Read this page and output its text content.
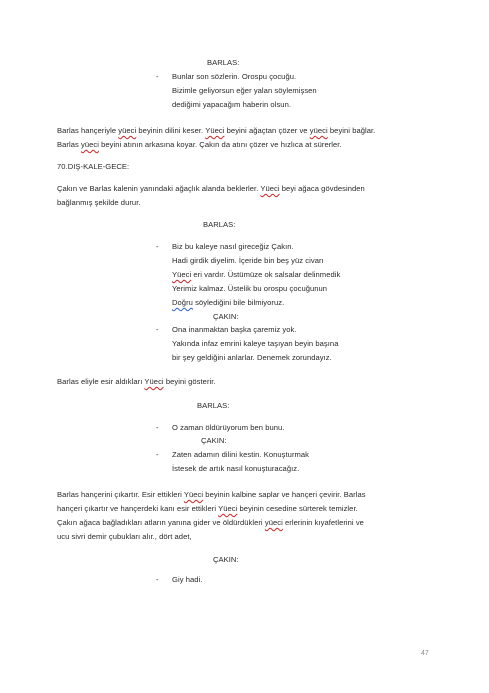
BARLAS:
- Bunlar son sözlerin. Orospu çocuğu.
Bizimle geliyorsun eğer yalan söylemişsen
dediğimi yapacağım haberin olsun.
Barlas hançeriyle yüeci beyinin dilini keser. Yüeci beyini ağaçtan çözer ve yüeci beyini bağlar.
Barlas yüeci beyini atının arkasına koyar. Çakın da atını çözer ve hızlıca at sürerler.
70.DIŞ-KALE-GECE:
Çakın ve Barlas kalenin yanındaki ağaçlık alanda beklerler. Yüeci beyi ağaca gövdesinden
bağlanmış şekilde durur.
BARLAS:
- Biz bu kaleye nasıl gireceğiz Çakın.
Hadi girdik diyelim. İçeride bin beş yüz civarı
Yüeci eri vardır. Üstümüze ok salsalar delinmedik
Yerimiz kalmaz. Üstelik bu orospu çocuğunun
Doğru söylediğini bile bilmiyoruz.
ÇAKIN:
- Ona inanmaktan başka çaremiz yok.
Yakında infaz emrini kaleye taşıyan beyin başına
bir şey geldiğini anlarlar. Denemek zorundayız.
Barlas eliyle esir aldıkları Yüeci beyini gösterir.
BARLAS:
- O zaman öldürüyorum ben bunu.
ÇAKIN:
- Zaten adamın dilini kestin. Konuşturmak
İstesek de artık nasıl konuşturacağız.
Barlas hançerini çıkartır. Esir ettikleri Yüeci beyinin kalbine saplar ve hançeri çevirir. Barlas
hançeri çıkartır ve hançerdeki kanı esir ettikleri Yüeci beyinin cesedine sürterek temizler.
Çakın ağaca bağladıkları atların yanına gider ve öldürdükleri yüeci erlerinin kıyafetlerini ve
ucu sivri demir çubukları alır., dört adet,
ÇAKIN:
- Giy hadi.
47
